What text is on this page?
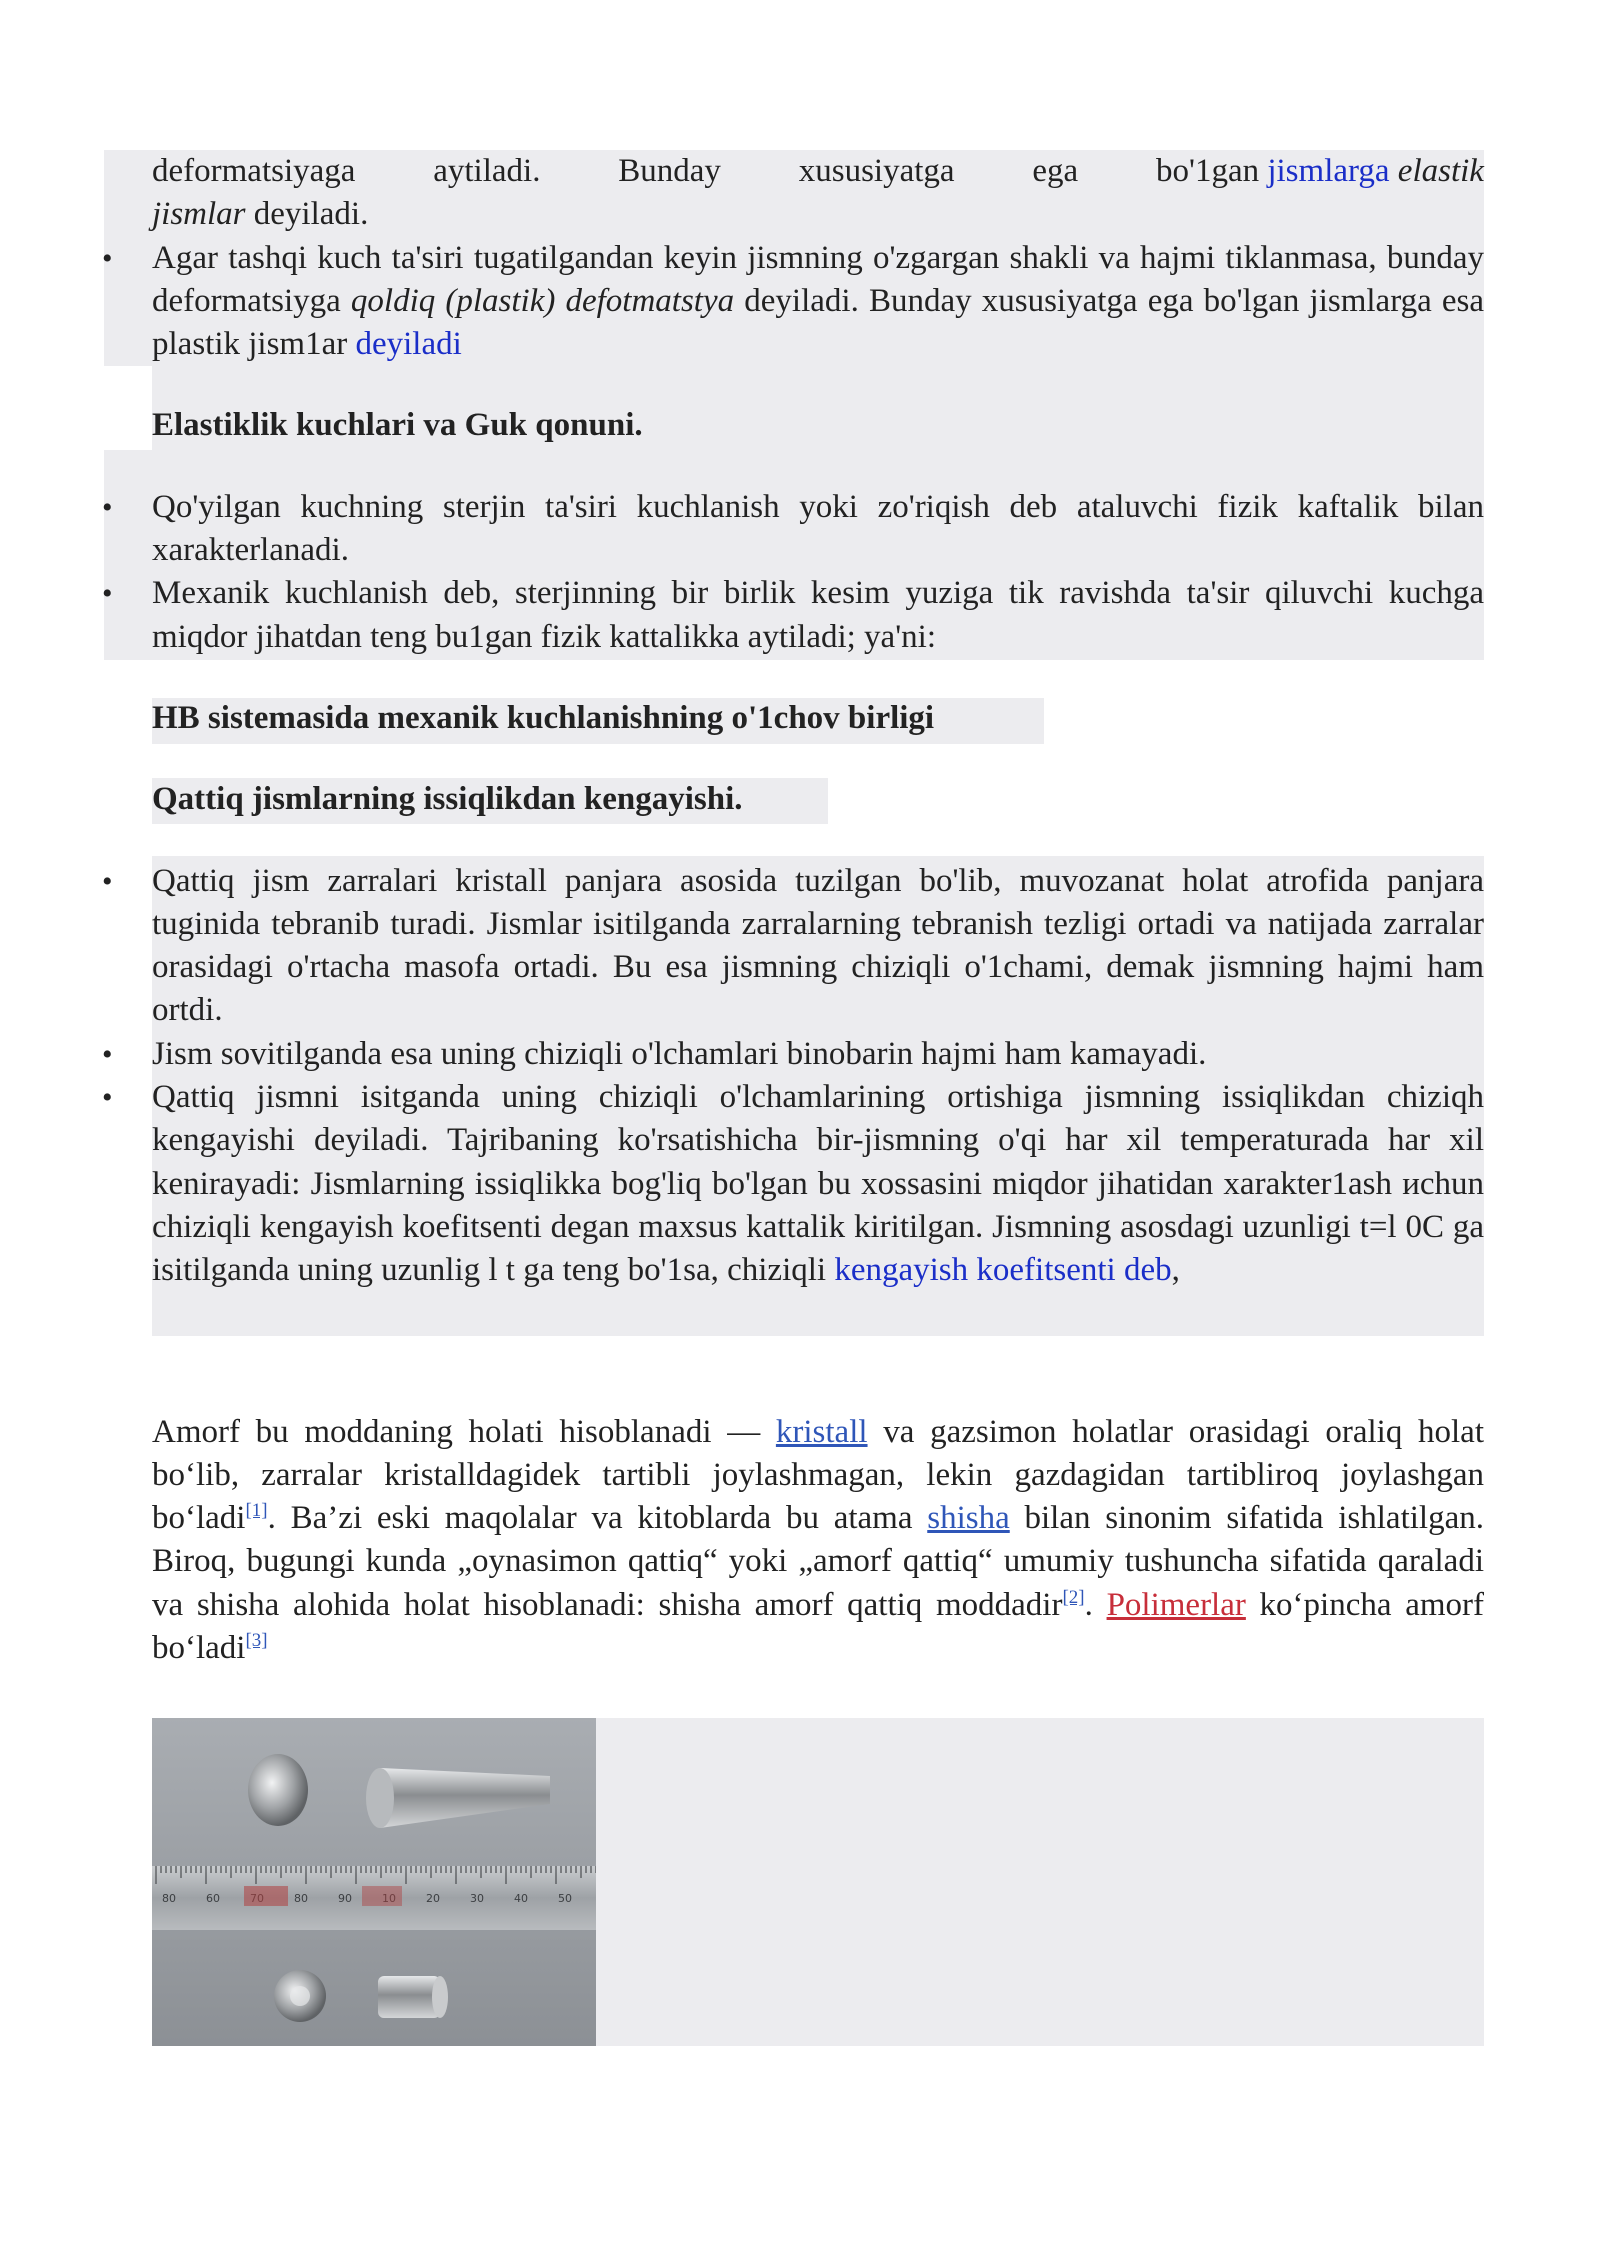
deformatsiyaga aytiladi. Bunday xususiyatga ega bo'1gan jismlarga elastik
jismlar deyiladi.
• Agar tashqi kuch ta'siri tugatilgandan keyin jismning o'zgargan shakli va hajmi tiklanmasa, bunday deformatsiyga qoldiq (plastik) defotmatstya deyiladi. Bunday xususiyatga ega bo'lgan jismlarga esa plastik jism1ar deyiladi

Elastiklik kuchlari va Guk qonuni.

• Qo'yilgan kuchning sterjin ta'siri kuchlanish yoki zo'riqish deb ataluvchi fizik kaftalik bilan xarakterlanadi.
• Mexanik kuchlanish deb, sterjinning bir birlik kesim yuziga tik ravishda ta'sir qiluvchi kuchga miqdor jihatdan teng bu1gan fizik kattalikka aytiladi; ya'ni:

HB sistemasida mexanik kuchlanishning o'1chov birligi

Qattiq jismlarning issiqlikdan kengayishi.

• Qattiq jism zarralari kristall panjara asosida tuzilgan bo'lib, muvozanat holat atrofida panjara tuginida tebranib turadi. Jismlar isitilganda zarralarning tebranish tezligi ortadi va natijada zarralar orasidagi o'rtacha masofa ortadi. Bu esa jismning chiziqli o'1chami, demak jismning hajmi ham ortdi.
• Jism sovitilganda esa uning chiziqli o'lchamlari binobarin hajmi ham kamayadi.
• Qattiq jismni isitganda uning chiziqli o'lchamlarining ortishiga jismning issiqlikdan chiziqh kengayishi deyiladi. Tajribaning ko'rsatishicha bir-jismning o'qi har xil temperaturada har xil kenirayadi: Jismlarning issiqlikka bog'liq bo'lgan bu xossasini miqdor jihatidan xarakter1ash иchun chiziqli kengayish koefitsenti degan maxsus kattalik kiritilgan. Jismning asosdagi uzunligi t=l 0C ga isitilganda uning uzunlig l t ga teng bo'1sa, chiziqli kengayish koefitsenti deb,

Amorf bu moddaning holati hisoblanadi — kristall va gazsimon holatlar orasidagi oraliq holat bo‘lib, zarralar kristalldagidek tartibli joylashmagan, lekin gazdagidan tartibliroq joylashgan bo‘ladi[1]. Ba’zi eski maqolalar va kitoblarda bu atama shisha bilan sinonim sifatida ishlatilgan. Biroq, bugungi kunda „oynasimon qattiq“ yoki „amorf qattiq“ umumiy tushuncha sifatida qaraladi va shisha alohida holat hisoblanadi: shisha amorf qattiq moddadir[2]. Polimerlar ko‘pincha amorf bo‘ladi[3]

80	60	80	90	10	20	30	40	50
